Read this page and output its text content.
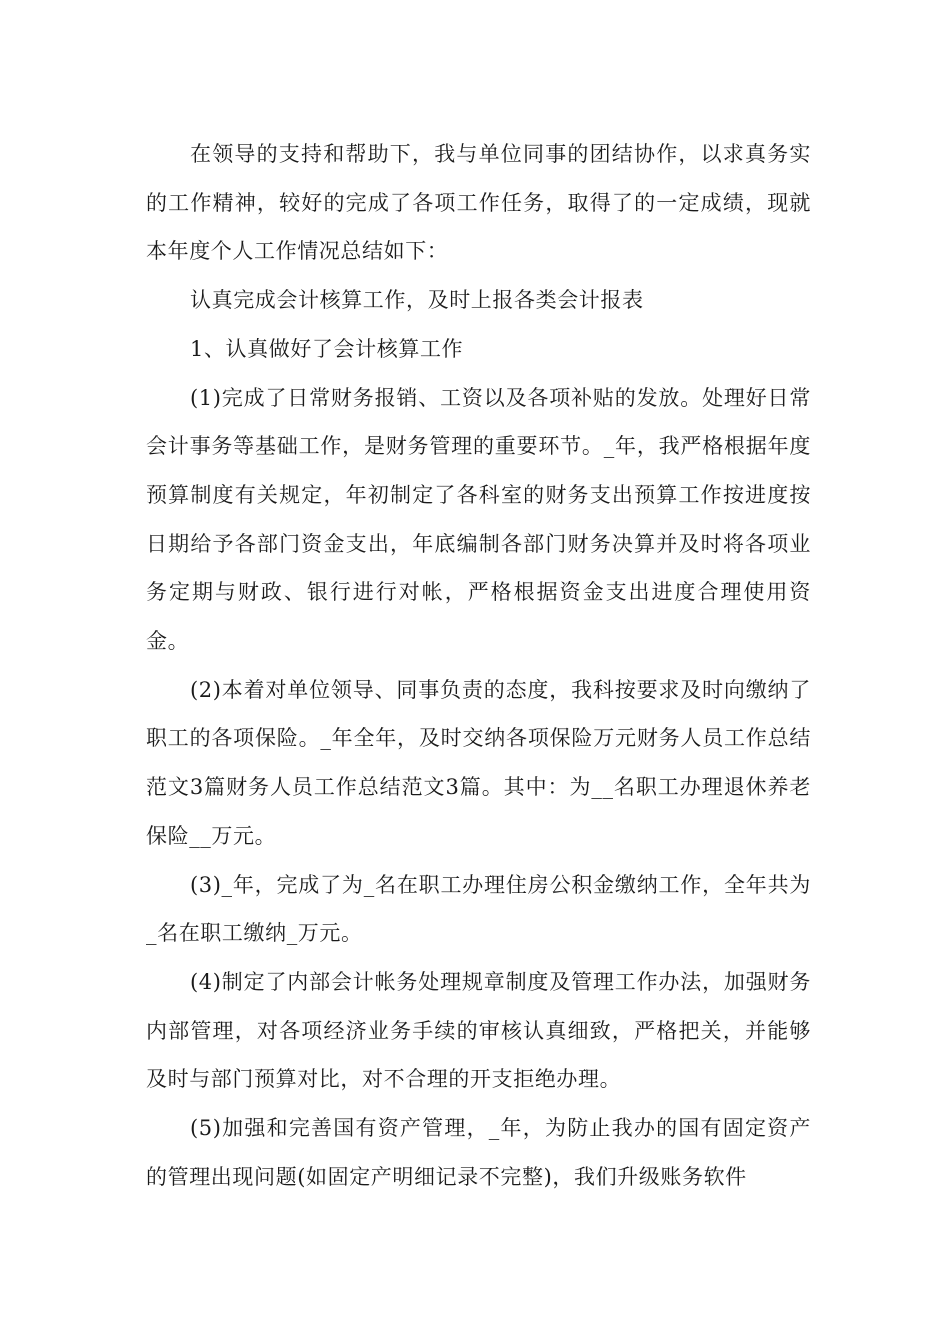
在领导的支持和帮助下，我与单位同事的团结协作，以求真务实的工作精神，较好的完成了各项工作任务，取得了的一定成绩，现就本年度个人工作情况总结如下：

认真完成会计核算工作，及时上报各类会计报表

1、认真做好了会计核算工作

(1)完成了日常财务报销、工资以及各项补贴的发放。处理好日常会计事务等基础工作，是财务管理的重要环节。_年，我严格根据年度预算制度有关规定，年初制定了各科室的财务支出预算工作按进度按日期给予各部门资金支出，年底编制各部门财务决算并及时将各项业务定期与财政、银行进行对帐，严格根据资金支出进度合理使用资金。

(2)本着对单位领导、同事负责的态度，我科按要求及时向缴纳了职工的各项保险。_年全年，及时交纳各项保险万元财务人员工作总结范文3篇财务人员工作总结范文3篇。其中：为__名职工办理退休养老保险__万元。

(3)_年，完成了为_名在职工办理住房公积金缴纳工作，全年共为_名在职工缴纳_万元。

(4)制定了内部会计帐务处理规章制度及管理工作办法，加强财务内部管理，对各项经济业务手续的审核认真细致，严格把关，并能够及时与部门预算对比，对不合理的开支拒绝办理。

(5)加强和完善国有资产管理，_年，为防止我办的国有固定资产的管理出现问题(如固定产明细记录不完整)，我们升级账务软件
